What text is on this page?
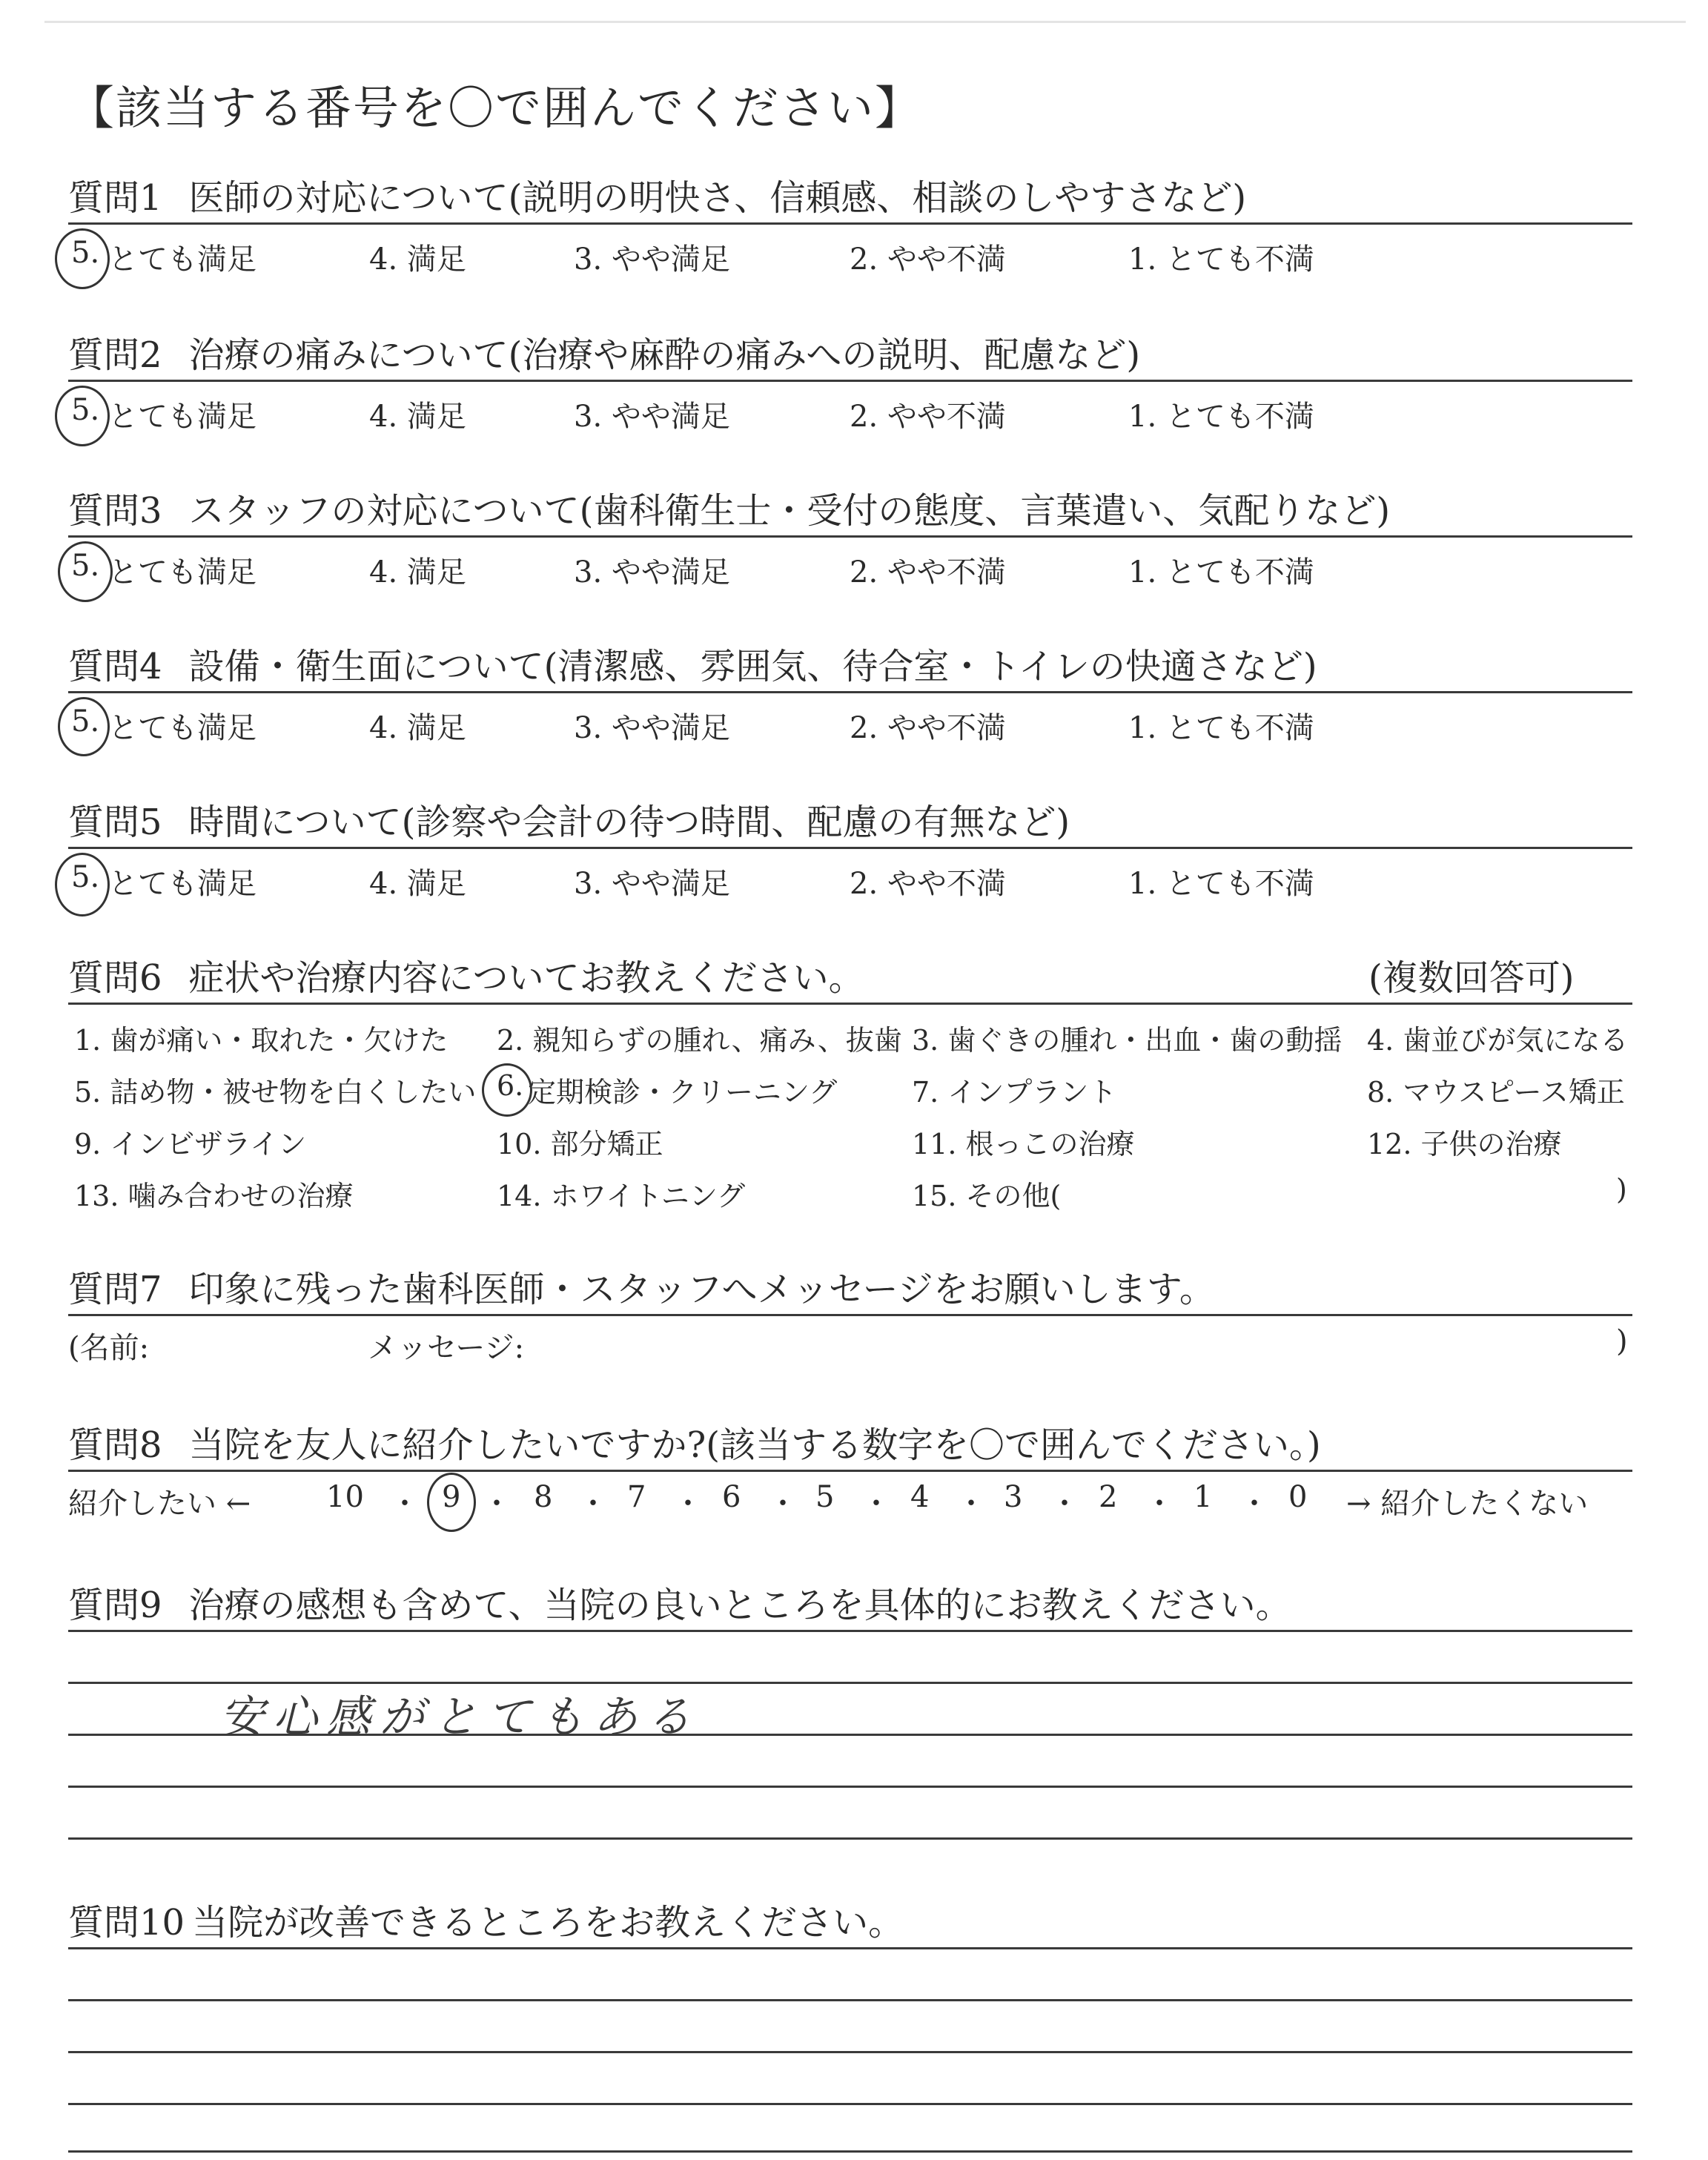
【該当する番号を〇で囲んでください】
質問1 医師の対応について(説明の明快さ、信頼感、相談のしやすさなど)
5. とても満足	4. 満足	3. やや満足	2. やや不満	1. とても不満
質問2 治療の痛みについて(治療や麻酔の痛みへの説明、配慮など)
5. とても満足	4. 満足	3. やや満足	2. やや不満	1. とても不満
質問3 スタッフの対応について(歯科衛生士・受付の態度、言葉遣い、気配りなど)
5. とても満足	4. 満足	3. やや満足	2. やや不満	1. とても不満
質問4 設備・衛生面について(清潔感、雰囲気、待合室・トイレの快適さなど)
5. とても満足	4. 満足	3. やや満足	2. やや不満	1. とても不満
質問5 時間について(診察や会計の待つ時間、配慮の有無など)
5. とても満足	4. 満足	3. やや満足	2. やや不満	1. とても不満
質問6 症状や治療内容についてお教えください。	(複数回答可)
1. 歯が痛い・取れた・欠けた 2. 親知らずの腫れ、痛み、抜歯 3. 歯ぐきの腫れ・出血・歯の動揺 4. 歯並びが気になる
5. 詰め物・被せ物を白くしたい 6. 定期検診・クリーニング	7. インプラント	8. マウスピース矯正
9. インビザライン	10. 部分矯正	11. 根っこの治療	12. 子供の治療
13. 噛み合わせの治療	14. ホワイトニング	15. その他(	)
質問7 印象に残った歯科医師・スタッフへメッセージをお願いします。
(名前:	メッセージ:	)
質問8 当院を友人に紹介したいですか?(該当する数字を〇で囲んでください。)
紹介したい ←	10 ・ 9 ・ 8 ・ 7 ・ 6 ・ 5 ・ 4 ・ 3 ・ 2 ・ 1 ・ 0 → 紹介したくない
質問9 治療の感想も含めて、当院の良いところを具体的にお教えください。
安心感がとてもある
質問10 当院が改善できるところをお教えください。
